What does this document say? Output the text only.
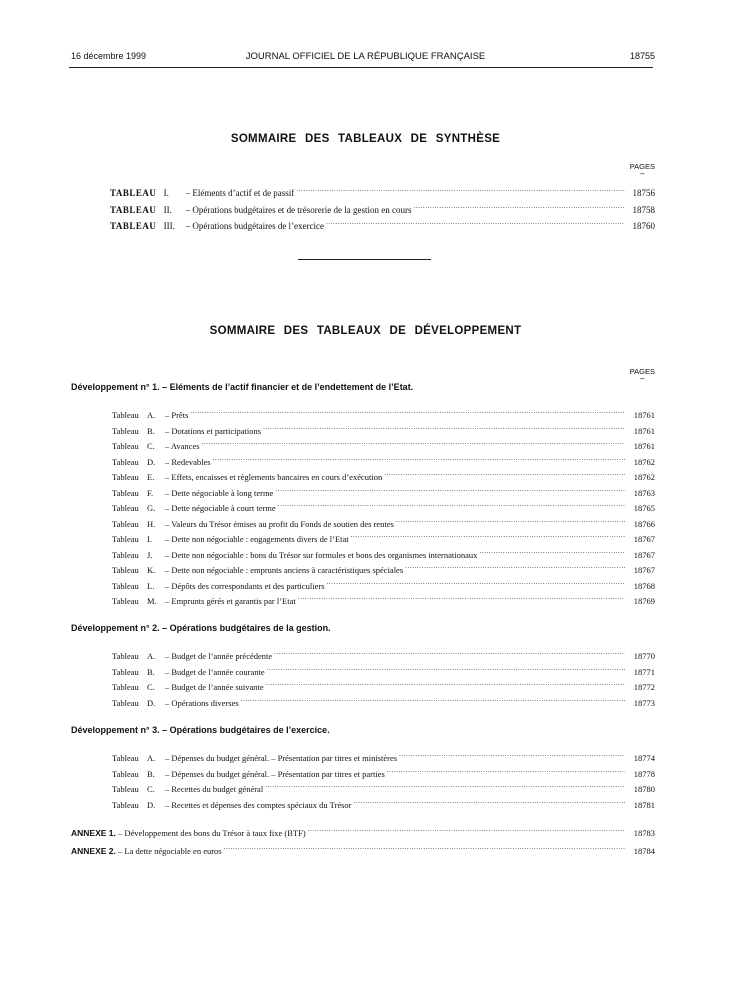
16 décembre 1999	JOURNAL OFFICIEL DE LA RÉPUBLIQUE FRANÇAISE	18755
SOMMAIRE DES TABLEAUX DE SYNTHÈSE
PAGES
–
TABLEAU I. – Eléments d’actif et de passif .....	18756
TABLEAU II. – Opérations budgétaires et de trésorerie de la gestion en cours .....	18758
TABLEAU III. – Opérations budgétaires de l’exercice .....	18760
SOMMAIRE DES TABLEAUX DE DÉVELOPPEMENT
PAGES
–
Développement n° 1. – Eléments de l’actif financier et de l’endettement de l’Etat.
Tableau A. – Prêts .....	18761
Tableau B. – Dotations et participations .....	18761
Tableau C. – Avances .....	18761
Tableau D. – Redevables .....	18762
Tableau E. – Effets, encaisses et règlements bancaires en cours d’exécution .....	18762
Tableau F. – Dette négociable à long terme .....	18763
Tableau G. – Dette négociable à court terme .....	18765
Tableau H. – Valeurs du Trésor émises au profit du Fonds de soutien des rentes .....	18766
Tableau I. – Dette non négociable : engagements divers de l’Etat .....	18767
Tableau J. – Dette non négociable : bons du Trésor sur formules et bons des organismes internationaux .....	18767
Tableau K. – Dette non négociable : emprunts anciens à caractéristiques spéciales .....	18767
Tableau L. – Dépôts des correspondants et des particuliers .....	18768
Tableau M. – Emprunts gérés et garantis par l’Etat .....	18769
Développement n° 2. – Opérations budgétaires de la gestion.
Tableau A. – Budget de l’année précédente .....	18770
Tableau B. – Budget de l’année courante .....	18771
Tableau C. – Budget de l’année suivante .....	18772
Tableau D. – Opérations diverses .....	18773
Développement n° 3. – Opérations budgétaires de l’exercice.
Tableau A. – Dépenses du budget général. – Présentation par titres et ministères .....	18774
Tableau B. – Dépenses du budget général. – Présentation par titres et parties .....	18778
Tableau C. – Recettes du budget général .....	18780
Tableau D. – Recettes et dépenses des comptes spéciaux du Trésor .....	18781
ANNEXE 1. – Développement des bons du Trésor à taux fixe (BTF) .....	18783
ANNEXE 2. – La dette négociable en euros .....	18784
